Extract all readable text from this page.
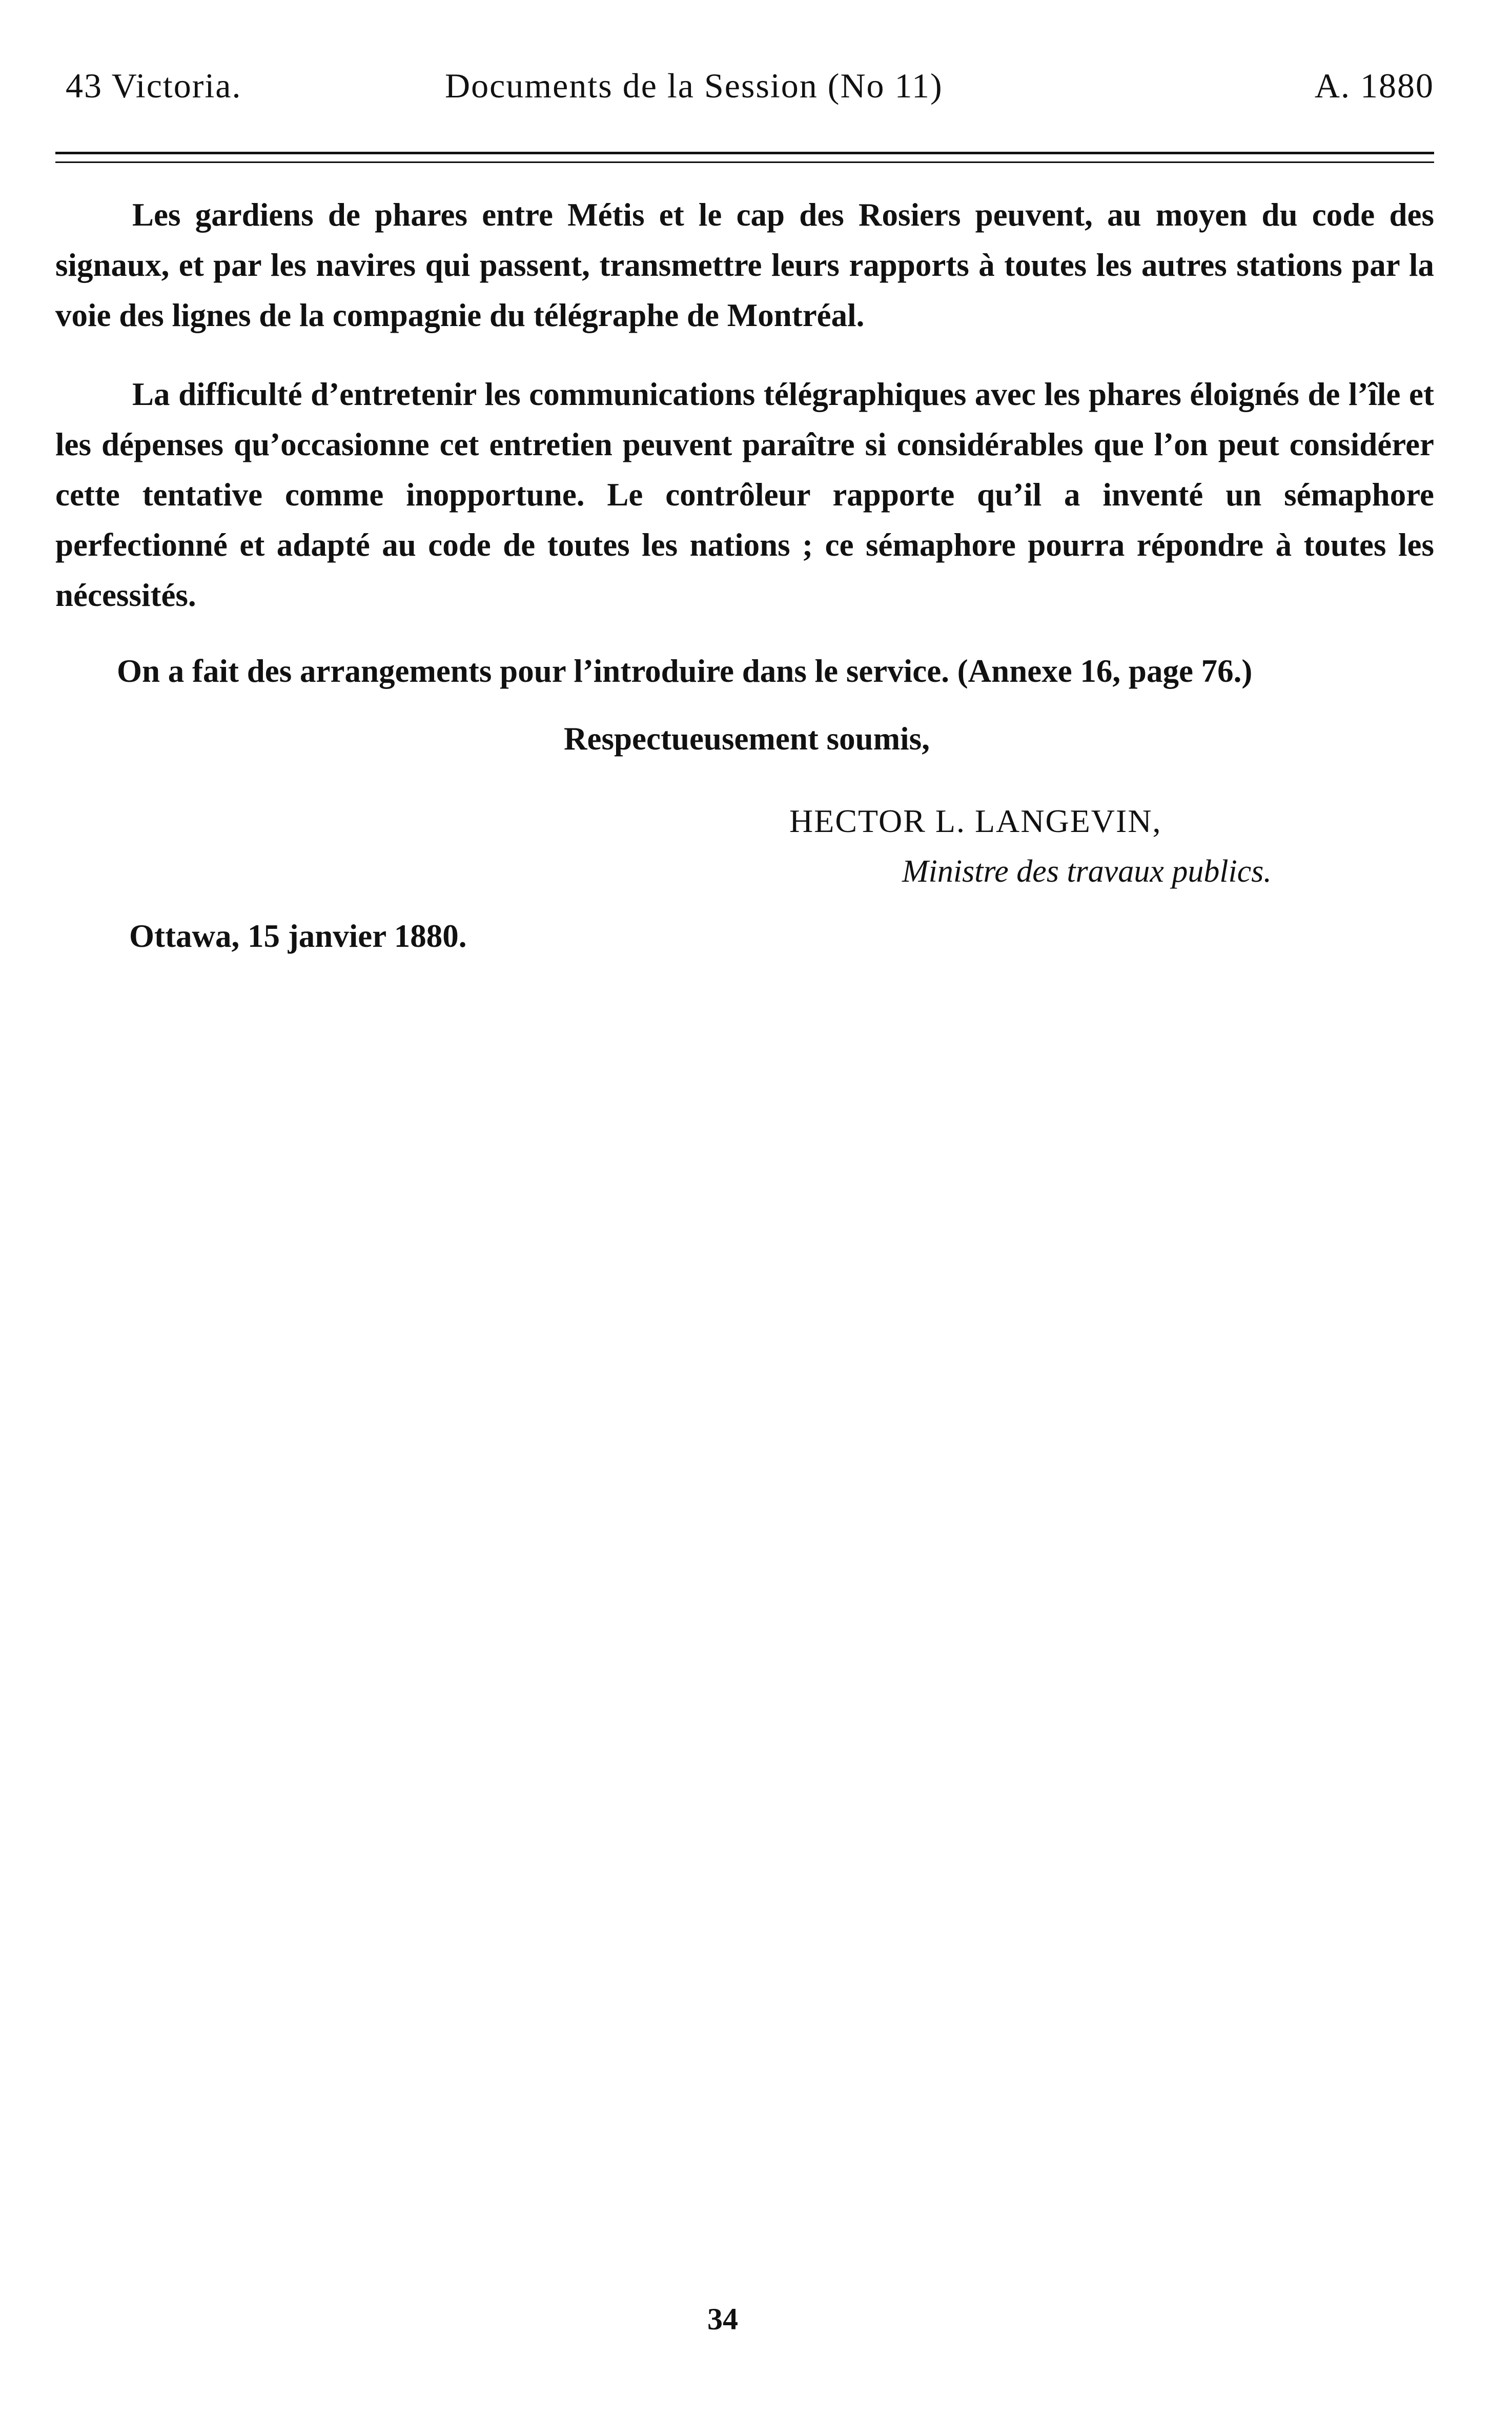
43 Victoria.	Documents de la Session (No 11)	A. 1880
Les gardiens de phares entre Métis et le cap des Rosiers peuvent, au moyen du code des signaux, et par les navires qui passent, transmettre leurs rapports à toutes les autres stations par la voie des lignes de la compagnie du télégraphe de Montréal.
La difficulté d’entretenir les communications télégraphiques avec les phares éloignés de l’île et les dépenses qu’occasionne cet entretien peuvent paraître si considérables que l’on peut considérer cette tentative comme inopportune. Le contrôleur rapporte qu’il a inventé un sémaphore perfectionné et adapté au code de toutes les nations ; ce sémaphore pourra répondre à toutes les nécessités.
On a fait des arrangements pour l’introduire dans le service. (Annexe 16, page 76.)
Respectueusement soumis,
HECTOR L. LANGEVIN,
Ministre des travaux publics.
Ottawa, 15 janvier 1880.
34
